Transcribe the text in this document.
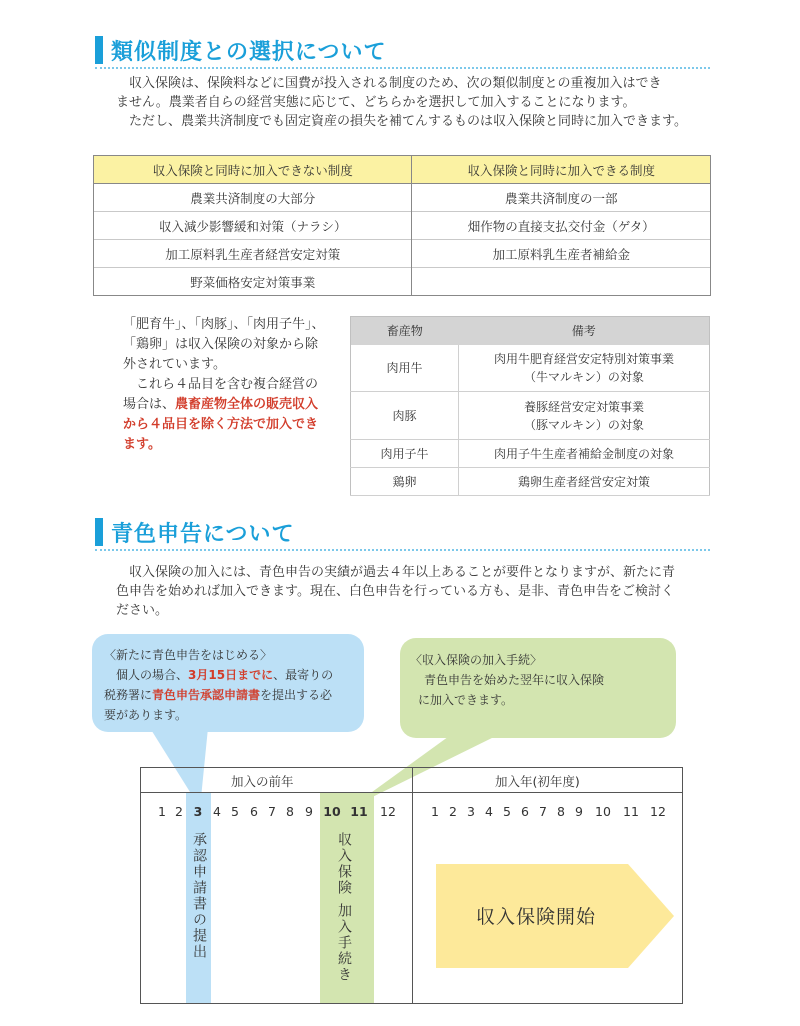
類似制度との選択について

収入保険は、保険料などに国費が投入される制度のため、次の類似制度との重複加入はでき

ません。農業者自らの経営実態に応じて、どちらかを選択して加入することになります。

ただし、農業共済制度でも固定資産の損失を補てんするものは収入保険と同時に加入できます。

収入保険と同時に加入できない制度	収入保険と同時に加入できる制度
農業共済制度の大部分	農業共済制度の一部
収入減少影響緩和対策（ナラシ）	畑作物の直接支払交付金（ゲタ）
加工原料乳生産者経営安定対策	加工原料乳生産者補給金
野菜価格安定対策事業	
「肥育牛」、「肉豚」、「肉用子牛」、
「鶏卵」は収入保険の対象から除
外されています。
これら４品目を含む複合経営の
場合は、農畜産物全体の販売収入
から４品目を除く方法で加入でき
ます。
畜産物	備考
肉用牛	肉用牛肥育経営安定特別対策事業
（牛マルキン）の対象

肉豚	養豚経営安定対策事業
（豚マルキン）の対象

肉用子牛	肉用子牛生産者補給金制度の対象
鶏卵	鶏卵生産者経営安定対策
青色申告について

収入保険の加入には、青色申告の実績が過去４年以上あることが要件となりますが、新たに青

色申告を始めれば加入できます。現在、白色申告を行っている方も、是非、青色申告をご検討く

ださい。

〈新たに青色申告をはじめる〉
個人の場合、3月15日までに、最寄りの
税務署に青色申告承認申請書を提出する必
要があります。
〈収入保険の加入手続〉
青色申告を始めた翌年に収入保険
に加入できます。
加入の前年	加入年(初年度)
1 2 3 4 5 6 7 8 9 10 11 12	1 2 3 4 5 6 7 8 9 10 11 12
承認申請書の提出	収入保険
加入手続き	収入保険開始
